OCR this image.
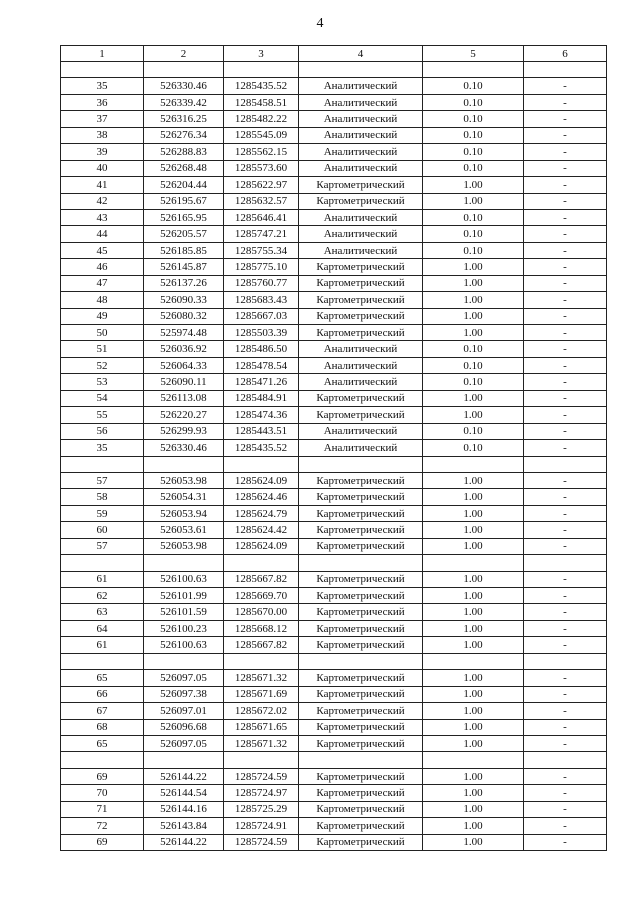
4
1	2	3	4	5	6

35	526330.46	1285435.52	Аналитический	0.10	-
36	526339.42	1285458.51	Аналитический	0.10	-
37	526316.25	1285482.22	Аналитический	0.10	-
38	526276.34	1285545.09	Аналитический	0.10	-
39	526288.83	1285562.15	Аналитический	0.10	-
40	526268.48	1285573.60	Аналитический	0.10	-
41	526204.44	1285622.97	Картометрический	1.00	-
42	526195.67	1285632.57	Картометрический	1.00	-
43	526165.95	1285646.41	Аналитический	0.10	-
44	526205.57	1285747.21	Аналитический	0.10	-
45	526185.85	1285755.34	Аналитический	0.10	-
46	526145.87	1285775.10	Картометрический	1.00	-
47	526137.26	1285760.77	Картометрический	1.00	-
48	526090.33	1285683.43	Картометрический	1.00	-
49	526080.32	1285667.03	Картометрический	1.00	-
50	525974.48	1285503.39	Картометрический	1.00	-
51	526036.92	1285486.50	Аналитический	0.10	-
52	526064.33	1285478.54	Аналитический	0.10	-
53	526090.11	1285471.26	Аналитический	0.10	-
54	526113.08	1285484.91	Картометрический	1.00	-
55	526220.27	1285474.36	Картометрический	1.00	-
56	526299.93	1285443.51	Аналитический	0.10	-
35	526330.46	1285435.52	Аналитический	0.10	-

57	526053.98	1285624.09	Картометрический	1.00	-
58	526054.31	1285624.46	Картометрический	1.00	-
59	526053.94	1285624.79	Картометрический	1.00	-
60	526053.61	1285624.42	Картометрический	1.00	-
57	526053.98	1285624.09	Картометрический	1.00	-

61	526100.63	1285667.82	Картометрический	1.00	-
62	526101.99	1285669.70	Картометрический	1.00	-
63	526101.59	1285670.00	Картометрический	1.00	-
64	526100.23	1285668.12	Картометрический	1.00	-
61	526100.63	1285667.82	Картометрический	1.00	-

65	526097.05	1285671.32	Картометрический	1.00	-
66	526097.38	1285671.69	Картометрический	1.00	-
67	526097.01	1285672.02	Картометрический	1.00	-
68	526096.68	1285671.65	Картометрический	1.00	-
65	526097.05	1285671.32	Картометрический	1.00	-

69	526144.22	1285724.59	Картометрический	1.00	-
70	526144.54	1285724.97	Картометрический	1.00	-
71	526144.16	1285725.29	Картометрический	1.00	-
72	526143.84	1285724.91	Картометрический	1.00	-
69	526144.22	1285724.59	Картометрический	1.00	-
